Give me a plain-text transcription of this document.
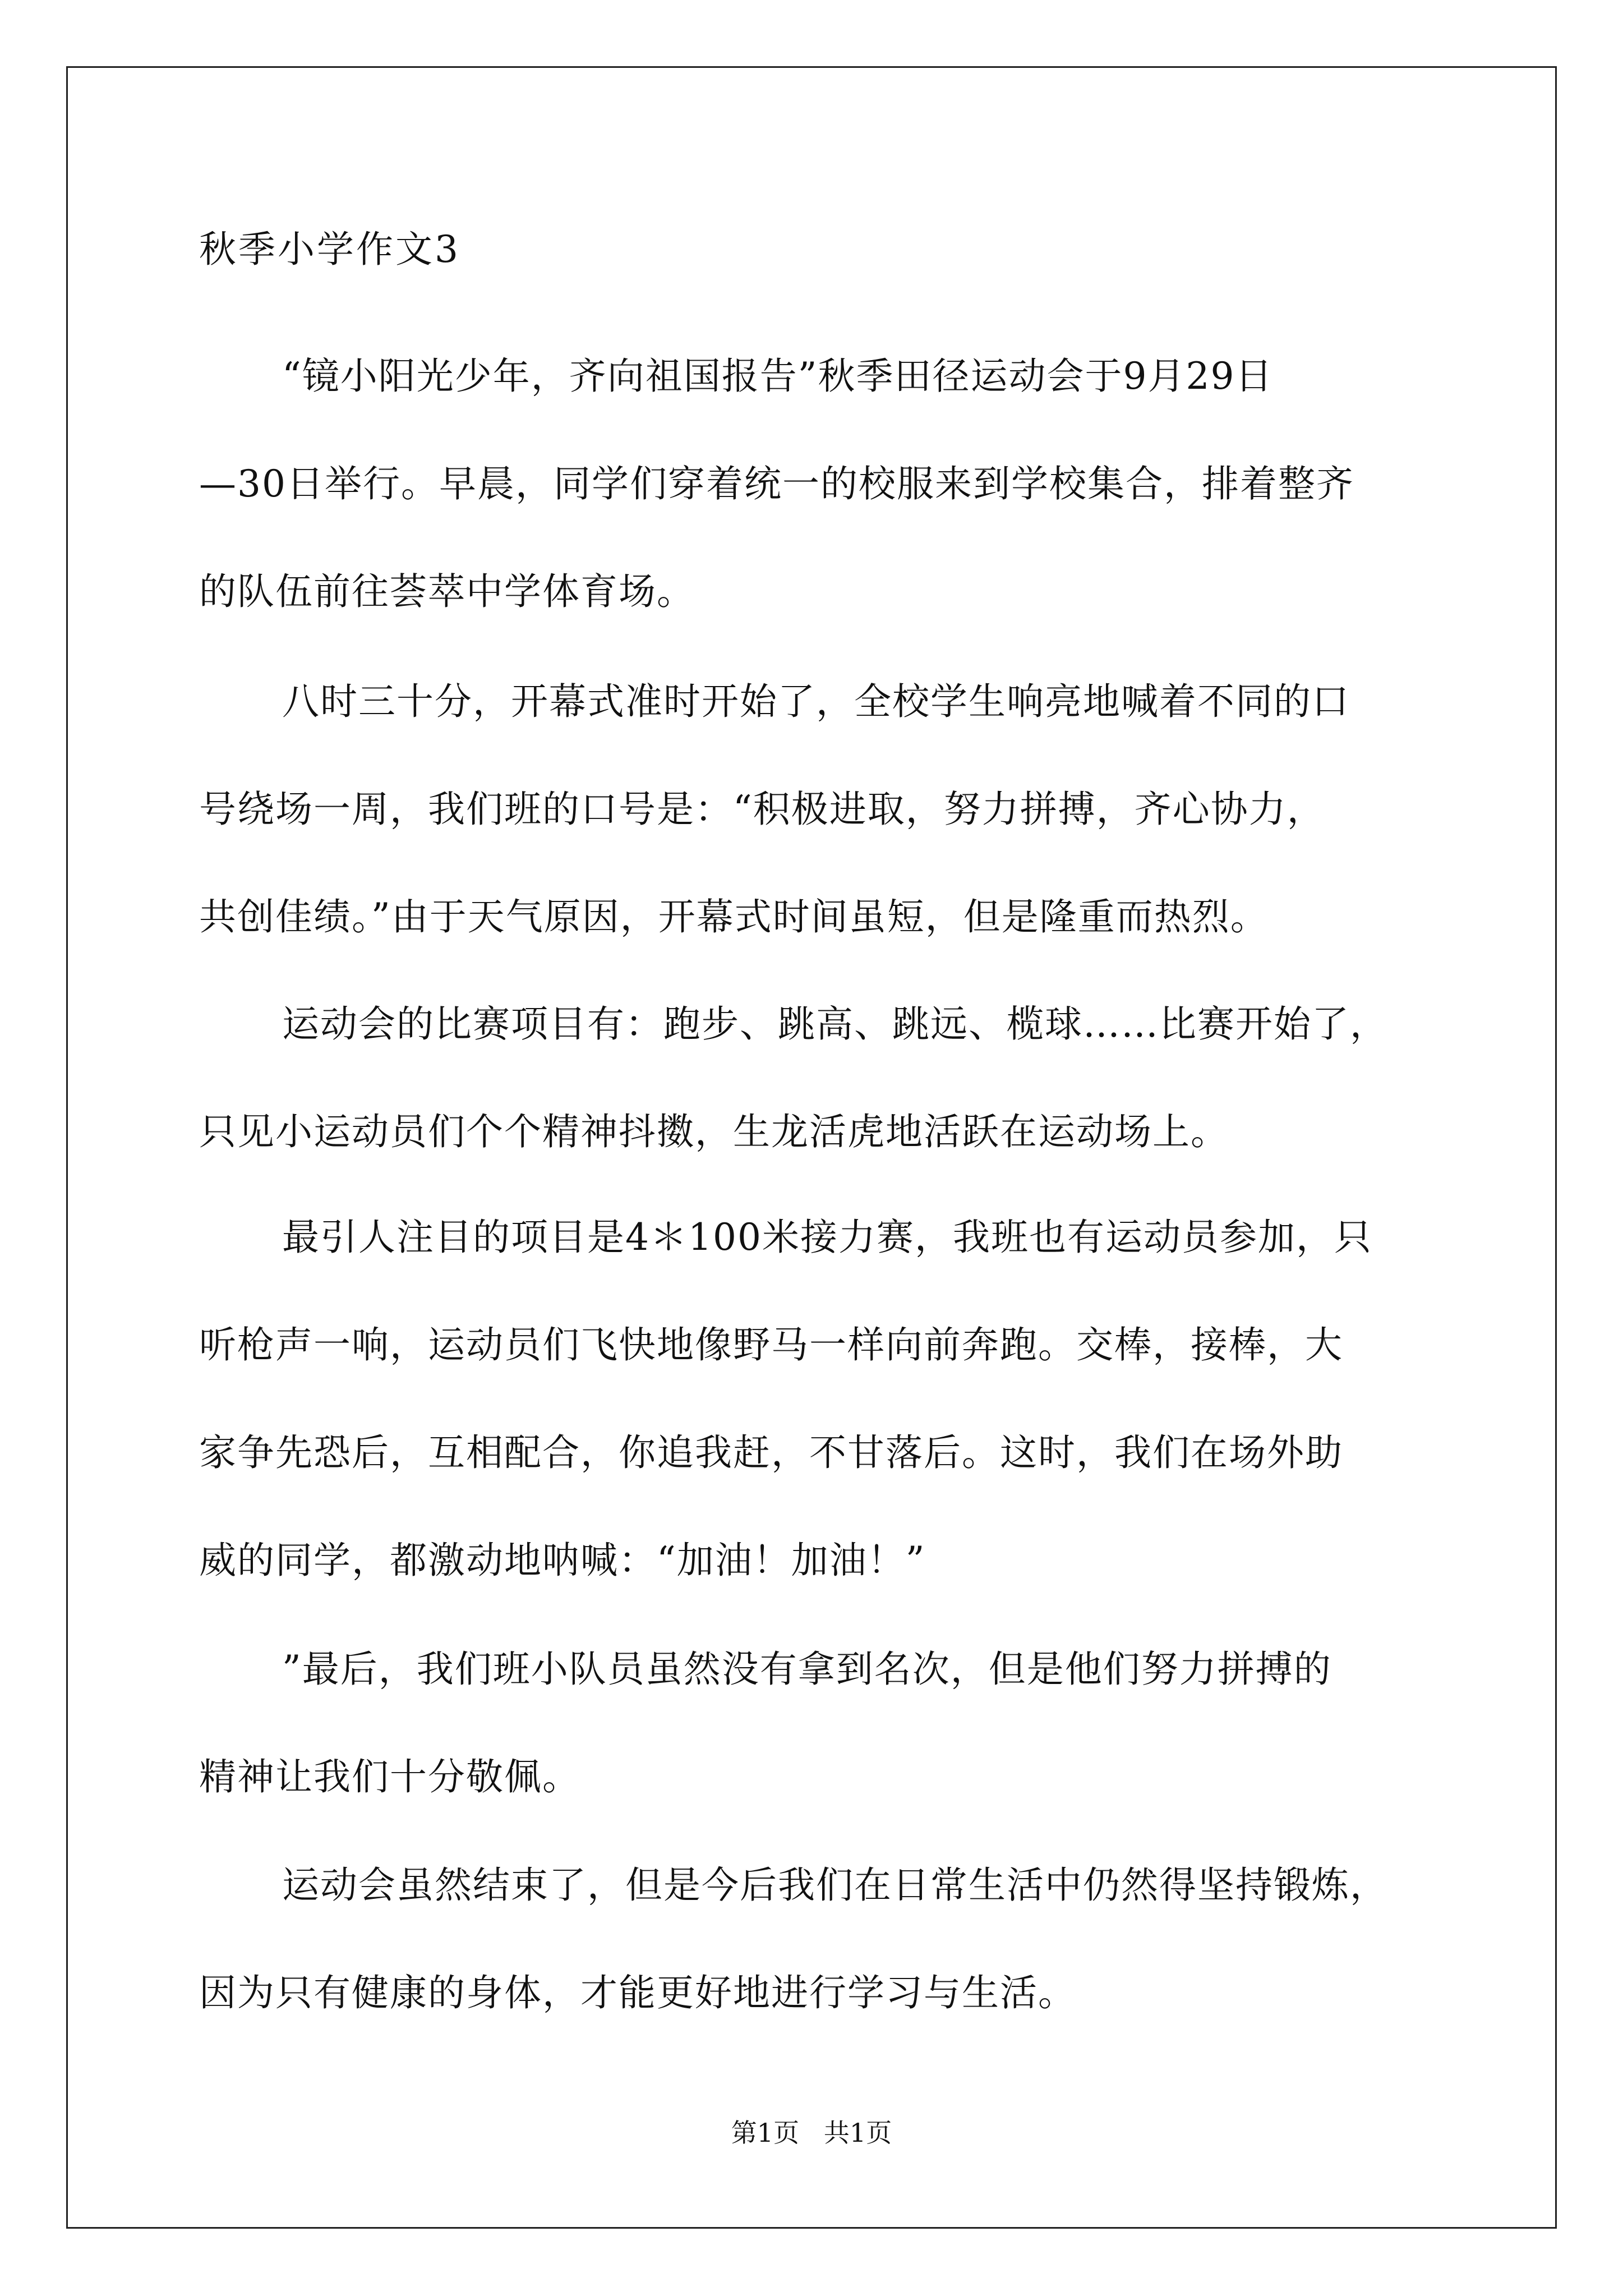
秋季小学作文3

“镜小阳光少年，齐向祖国报告”秋季田径运动会于9月29日
—30日举行。早晨，同学们穿着统一的校服来到学校集合，排着整齐
的队伍前往荟萃中学体育场。

八时三十分，开幕式准时开始了，全校学生响亮地喊着不同的口
号绕场一周，我们班的口号是：“积极进取，努力拼搏，齐心协力，
共创佳绩。”由于天气原因，开幕式时间虽短，但是隆重而热烈。

运动会的比赛项目有：跑步、跳高、跳远、榄球……比赛开始了，
只见小运动员们个个精神抖擞，生龙活虎地活跃在运动场上。

最引人注目的项目是4＊100米接力赛，我班也有运动员参加，只
听枪声一响，运动员们飞快地像野马一样向前奔跑。交棒，接棒，大
家争先恐后，互相配合，你追我赶，不甘落后。这时，我们在场外助
威的同学，都激动地呐喊：“加油！加油！”

”最后，我们班小队员虽然没有拿到名次，但是他们努力拼搏的
精神让我们十分敬佩。

运动会虽然结束了，但是今后我们在日常生活中仍然得坚持锻炼，
因为只有健康的身体，才能更好地进行学习与生活。

第1页   共1页
